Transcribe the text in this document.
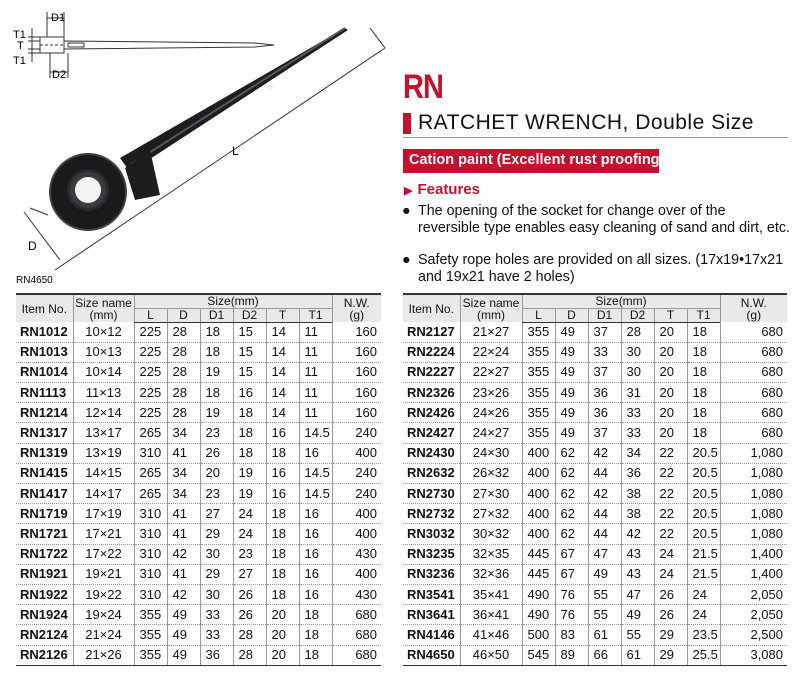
D1
D2
T1
T
T1
L
D
RN4650
RN
RATCHET WRENCH, Double Size
Cation paint (Excellent rust proofing)
▶ Features
● The opening of the socket for change over of the reversible type enables easy cleaning of sand and dirt, etc.
● Safety rope holes are provided on all sizes. (17x19•17x21 and 19x21 have 2 holes)
Item No.	Size name
(mm)	Size(mm)						N.W.
(g)
		L	D	D1	D2	T	T1	
RN1012	10×12	225	28	18	15	14	11	160
RN1013	10×13	225	28	18	15	14	11	160
RN1014	10×14	225	28	19	15	14	11	160
RN1113	11×13	225	28	18	16	14	11	160
RN1214	12×14	225	28	19	18	14	11	160
RN1317	13×17	265	34	23	18	16	14.5	240
RN1319	13×19	310	41	26	18	18	16	400
RN1415	14×15	265	34	20	19	16	14.5	240
RN1417	14×17	265	34	23	19	16	14.5	240
RN1719	17×19	310	41	27	24	18	16	400
RN1721	17×21	310	41	29	24	18	16	400
RN1722	17×22	310	42	30	23	18	16	430
RN1921	19×21	310	41	29	27	18	16	400
RN1922	19×22	310	42	30	26	18	16	430
RN1924	19×24	355	49	33	26	20	18	680
RN2124	21×24	355	49	33	28	20	18	680
RN2126	21×26	355	49	36	28	20	18	680
Item No.	Size name
(mm)	Size(mm)						N.W.
(g)
		L	D	D1	D2	T	T1	
RN2127	21×27	355	49	37	28	20	18	680
RN2224	22×24	355	49	33	30	20	18	680
RN2227	22×27	355	49	37	30	20	18	680
RN2326	23×26	355	49	36	31	20	18	680
RN2426	24×26	355	49	36	33	20	18	680
RN2427	24×27	355	49	37	33	20	18	680
RN2430	24×30	400	62	42	34	22	20.5	1,080
RN2632	26×32	400	62	44	36	22	20.5	1,080
RN2730	27×30	400	62	42	38	22	20.5	1,080
RN2732	27×32	400	62	44	38	22	20.5	1,080
RN3032	30×32	400	62	44	42	22	20.5	1,080
RN3235	32×35	445	67	47	43	24	21.5	1,400
RN3236	32×36	445	67	49	43	24	21.5	1,400
RN3541	35×41	490	76	55	47	26	24	2,050
RN3641	36×41	490	76	55	49	26	24	2,050
RN4146	41×46	500	83	61	55	29	23.5	2,500
RN4650	46×50	545	89	66	61	29	25.5	3,080
